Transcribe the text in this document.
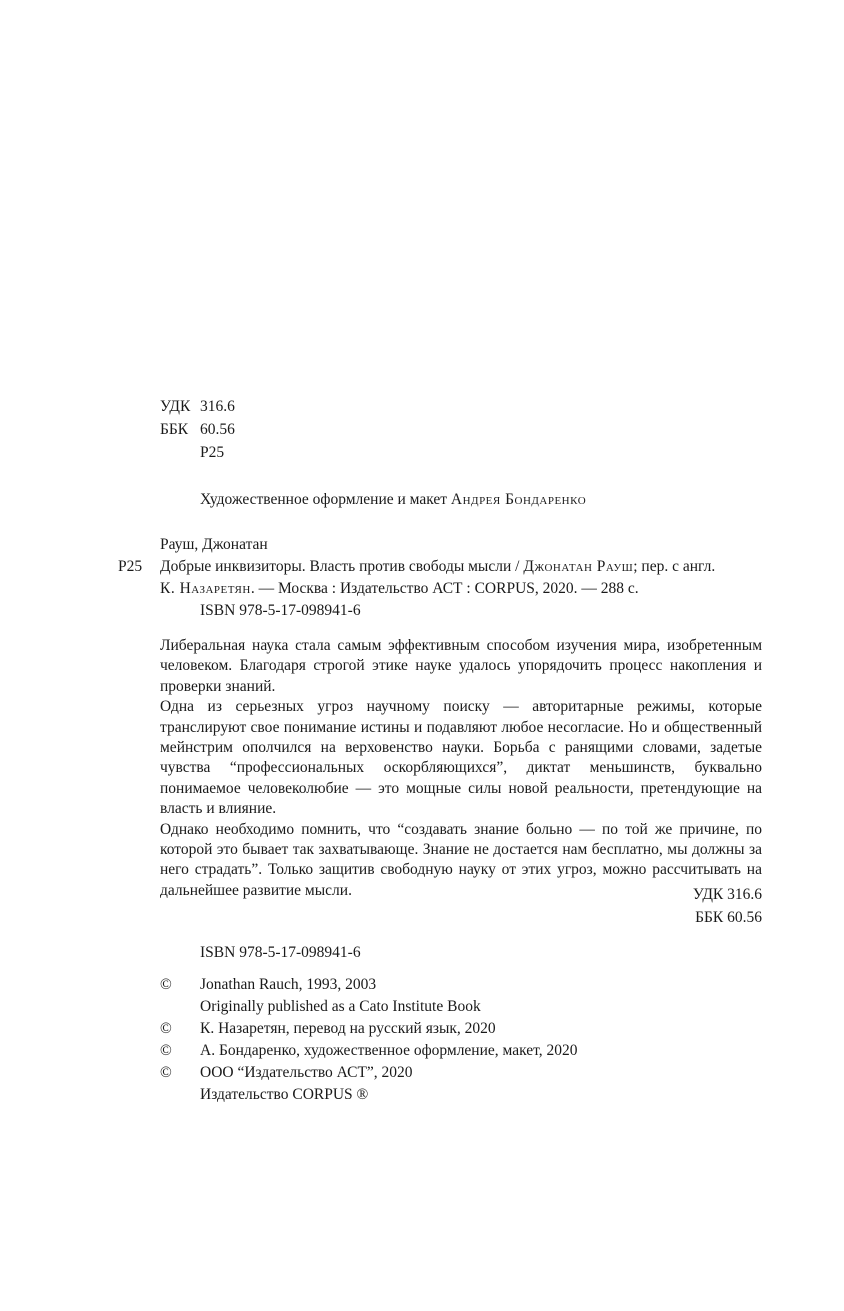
УДК 316.6
ББК 60.56
Р25
Художественное оформление и макет Андрея Бондаренко
Р25
Рауш, Джонатан
Добрые инквизиторы. Власть против свободы мысли / Джонатан Рауш; пер. с англ.
К. Назаретян. — Москва : Издательство АСТ : CORPUS, 2020. — 288 с.
ISBN 978-5-17-098941-6

Либеральная наука стала самым эффективным способом изучения мира, изобретенным человеком. Благодаря строгой этике науке удалось упорядочить процесс накопления и проверки знаний.

Одна из серьезных угроз научному поиску — авторитарные режимы, которые транслируют свое понимание истины и подавляют любое несогласие. Но и общественный мейнстрим ополчился на верховенство науки. Борьба с ранящими словами, задетые чувства “профессиональных оскорбляющихся”, диктат меньшинств, буквально понимаемое человеколюбие — это мощные силы новой реальности, претендующие на власть и влияние.

Однако необходимо помнить, что “создавать знание больно — по той же причине, по которой это бывает так захватывающе. Знание не достается нам бесплатно, мы должны за него страдать”. Только защитив свободную науку от этих угроз, можно рассчитывать на дальнейшее развитие мысли.	УДК 316.6
ББК 60.56
ISBN 978-5-17-098941-6
©	Jonathan Rauch, 1993, 2003
Originally published as a Cato Institute Book
©	К. Назаретян, перевод на русский язык, 2020
©	А. Бондаренко, художественное оформление, макет, 2020
©	ООО “Издательство АСТ”, 2020
Издательство CORPUS ®
